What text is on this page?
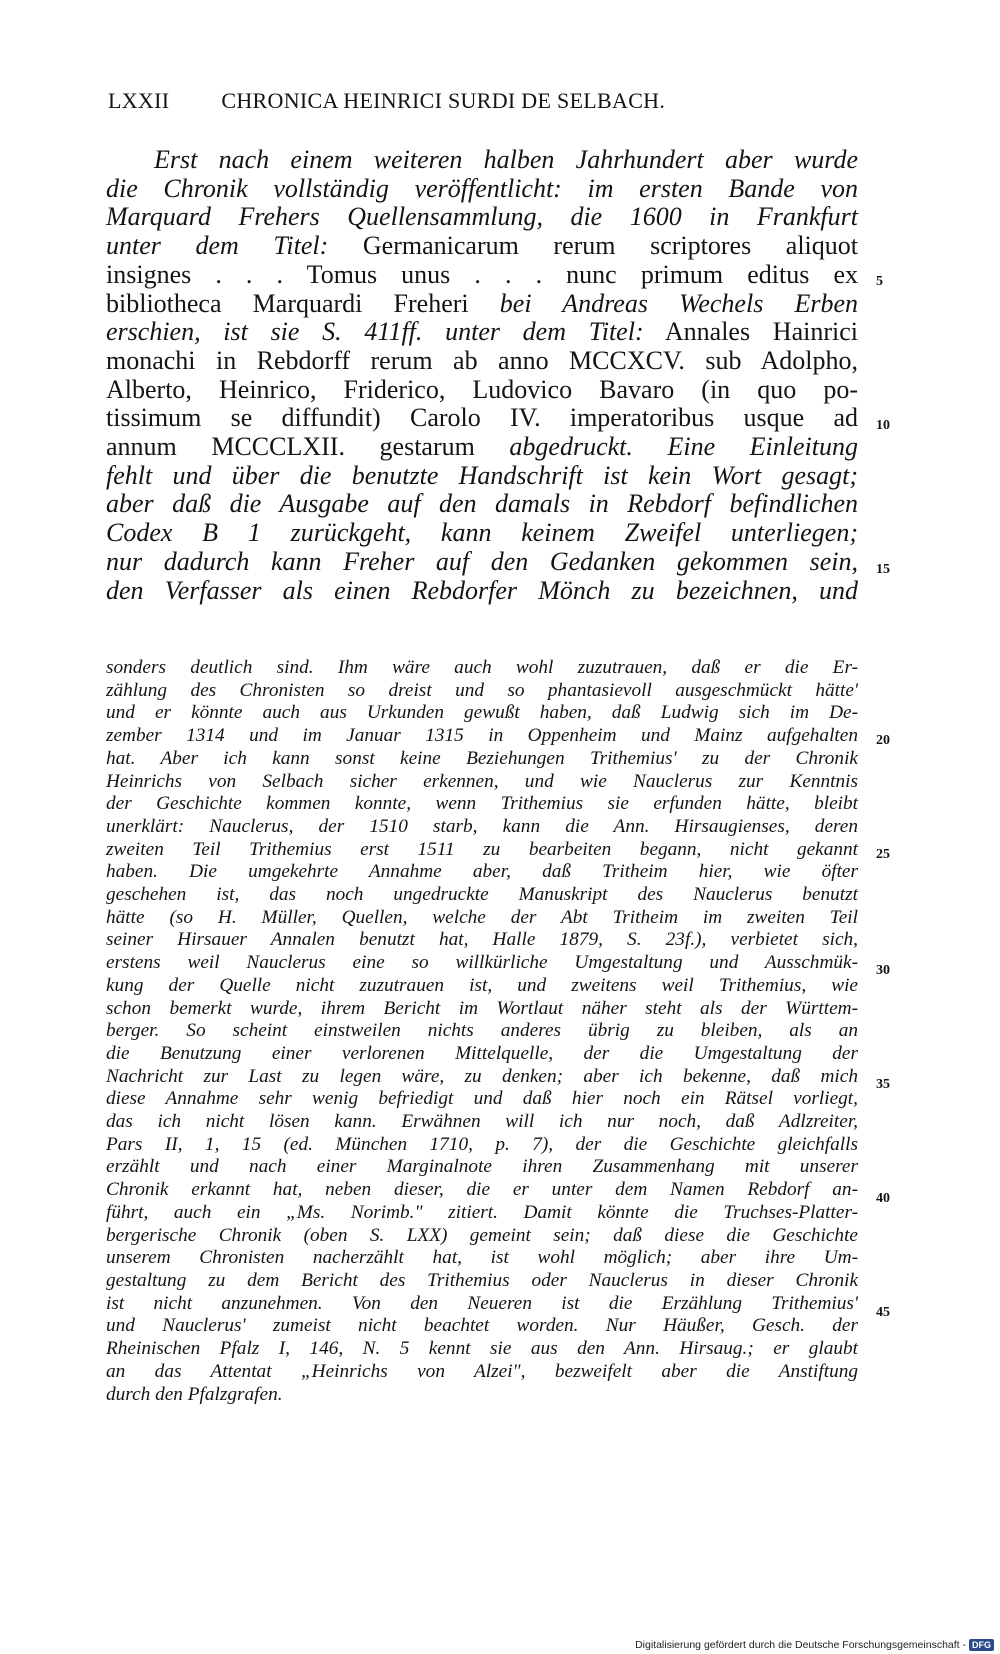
LXXII CHRONICA HEINRICI SURDI DE SELBACH.
Erst nach einem weiteren halben Jahrhundert aber wurde
die Chronik vollständig veröffentlicht: im ersten Bande von
Marquard Frehers Quellensammlung, die 1600 in Frankfurt
unter dem Titel: Germanicarum rerum scriptores aliquot
insignes . . . Tomus unus . . . nunc primum editus ex
bibliotheca Marquardi Freheri bei Andreas Wechels Erben
erschien, ist sie S. 411ff. unter dem Titel: Annales Hainrici
monachi in Rebdorff rerum ab anno MCCXCV. sub Adolpho,
Alberto, Heinrico, Friderico, Ludovico Bavaro (in quo po-
tissimum se diffundit) Carolo IV. imperatoribus usque ad
annum MCCCLXII. gestarum abgedruckt. Eine Einleitung
fehlt und über die benutzte Handschrift ist kein Wort gesagt;
aber daß die Ausgabe auf den damals in Rebdorf befindlichen
Codex B 1 zurückgeht, kann keinem Zweifel unterliegen;
nur dadurch kann Freher auf den Gedanken gekommen sein,
den Verfasser als einen Rebdorfer Mönch zu bezeichnen, und
5
10
15
sonders deutlich sind. Ihm wäre auch wohl zuzutrauen, daß er die Er-
zählung des Chronisten so dreist und so phantasievoll ausgeschmückt hätte'
und er könnte auch aus Urkunden gewußt haben, daß Ludwig sich im De-
zember 1314 und im Januar 1315 in Oppenheim und Mainz aufgehalten
hat. Aber ich kann sonst keine Beziehungen Trithemius' zu der Chronik
Heinrichs von Selbach sicher erkennen, und wie Nauclerus zur Kenntnis
der Geschichte kommen konnte, wenn Trithemius sie erfunden hätte, bleibt
unerklärt: Nauclerus, der 1510 starb, kann die Ann. Hirsaugienses, deren
zweiten Teil Trithemius erst 1511 zu bearbeiten begann, nicht gekannt
haben. Die umgekehrte Annahme aber, daß Tritheim hier, wie öfter
geschehen ist, das noch ungedruckte Manuskript des Nauclerus benutzt
hätte (so H. Müller, Quellen, welche der Abt Tritheim im zweiten Teil
seiner Hirsauer Annalen benutzt hat, Halle 1879, S. 23f.), verbietet sich,
erstens weil Nauclerus eine so willkürliche Umgestaltung und Ausschmük-
kung der Quelle nicht zuzutrauen ist, und zweitens weil Trithemius, wie
schon bemerkt wurde, ihrem Bericht im Wortlaut näher steht als der Württem-
berger. So scheint einstweilen nichts anderes übrig zu bleiben, als an
die Benutzung einer verlorenen Mittelquelle, der die Umgestaltung der
Nachricht zur Last zu legen wäre, zu denken; aber ich bekenne, daß mich
diese Annahme sehr wenig befriedigt und daß hier noch ein Rätsel vorliegt,
das ich nicht lösen kann. Erwähnen will ich nur noch, daß Adlzreiter,
Pars II, 1, 15 (ed. München 1710, p. 7), der die Geschichte gleichfalls
erzählt und nach einer Marginalnote ihren Zusammenhang mit unserer
Chronik erkannt hat, neben dieser, die er unter dem Namen Rebdorf an-
führt, auch ein „Ms. Norimb." zitiert. Damit könnte die Truchses-Platter-
bergerische Chronik (oben S. LXX) gemeint sein; daß diese die Geschichte
unserem Chronisten nacherzählt hat, ist wohl möglich; aber ihre Um-
gestaltung zu dem Bericht des Trithemius oder Nauclerus in dieser Chronik
ist nicht anzunehmen. Von den Neueren ist die Erzählung Trithemius'
und Nauclerus' zumeist nicht beachtet worden. Nur Häußer, Gesch. der
Rheinischen Pfalz I, 146, N. 5 kennt sie aus den Ann. Hirsaug.; er glaubt
an das Attentat „Heinrichs von Alzei", bezweifelt aber die Anstiftung
durch den Pfalzgrafen.
20
25
30
35
40
45
Digitalisierung gefördert durch die Deutsche Forschungsgemeinschaft - DFG
